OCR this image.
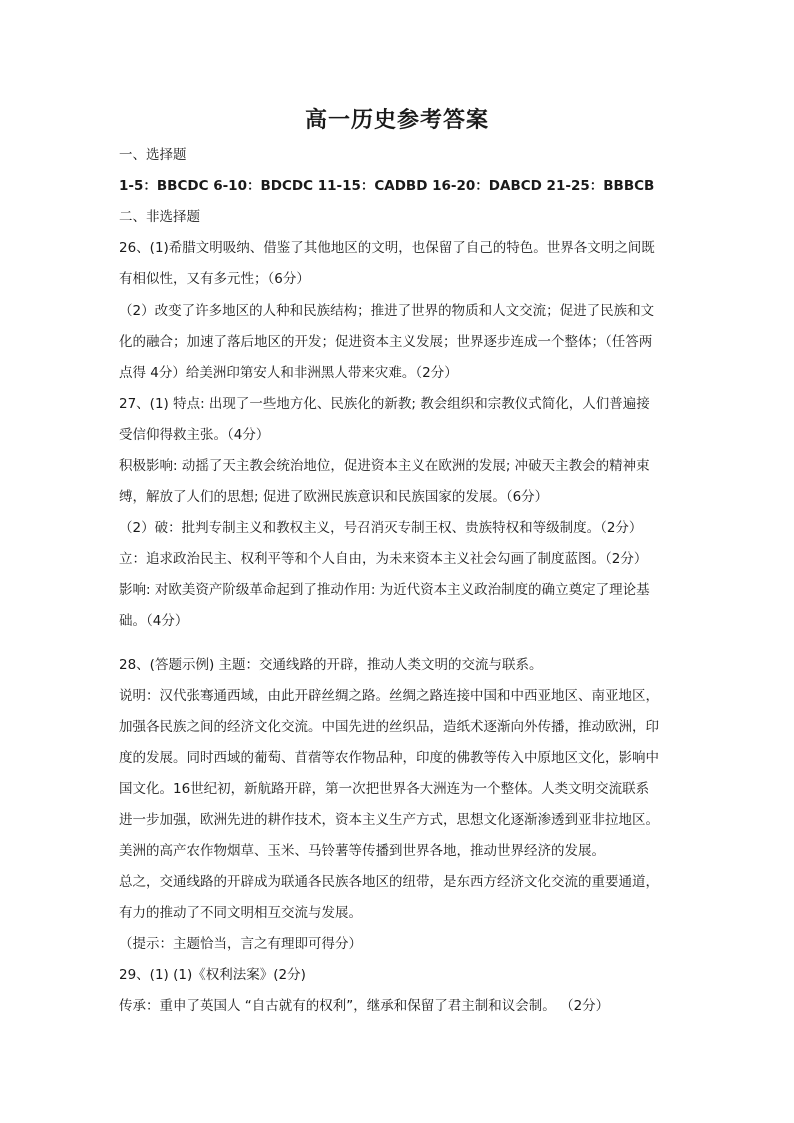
高一历史参考答案
一、选择题
1-5：BBCDC 6-10：BDCDC 11-15：CADBD 16-20：DABCD 21-25：BBBCB
二、非选择题
26、(1)希腊文明吸纳、借鉴了其他地区的文明，也保留了自己的特色。世界各文明之间既
有相似性，又有多元性；（6分）
（2）改变了许多地区的人种和民族结构；推进了世界的物质和人文交流；促进了民族和文
化的融合；加速了落后地区的开发；促进资本主义发展；世界逐步连成一个整体；（任答两
点得 4分）给美洲印第安人和非洲黑人带来灾难。（2分）
27、(1) 特点: 出现了一些地方化、民族化的新教; 教会组织和宗教仪式简化，人们普遍接
受信仰得救主张。（4分）
积极影响: 动摇了天主教会统治地位，促进资本主义在欧洲的发展; 冲破天主教会的精神束
缚，解放了人们的思想; 促进了欧洲民族意识和民族国家的发展。（6分）
（2）破：批判专制主义和教权主义，号召消灭专制王权、贵族特权和等级制度。（2分）
立：追求政治民主、权利平等和个人自由，为未来资本主义社会勾画了制度蓝图。（2分）
影响: 对欧美资产阶级革命起到了推动作用: 为近代资本主义政治制度的确立奠定了理论基
础。（4分）
28、(答题示例) 主题：交通线路的开辟，推动人类文明的交流与联系。
说明：汉代张骞通西域，由此开辟丝绸之路。丝绸之路连接中国和中西亚地区、南亚地区，
加强各民族之间的经济文化交流。中国先进的丝织品，造纸术逐渐向外传播，推动欧洲，印
度的发展。同时西域的葡萄、苜蓿等农作物品种，印度的佛教等传入中原地区文化，影响中
国文化。16世纪初，新航路开辟，第一次把世界各大洲连为一个整体。人类文明交流联系
进一步加强，欧洲先进的耕作技术，资本主义生产方式，思想文化逐渐渗透到亚非拉地区。
美洲的高产农作物烟草、玉米、马铃薯等传播到世界各地，推动世界经济的发展。
总之，交通线路的开辟成为联通各民族各地区的纽带，是东西方经济文化交流的重要通道，
有力的推动了不同文明相互交流与发展。
（提示：主题恰当，言之有理即可得分）
29、(1) (1)《权利法案》(2分)
传承：重申了英国人 “自古就有的权利”，继承和保留了君主制和议会制。 （2分）
